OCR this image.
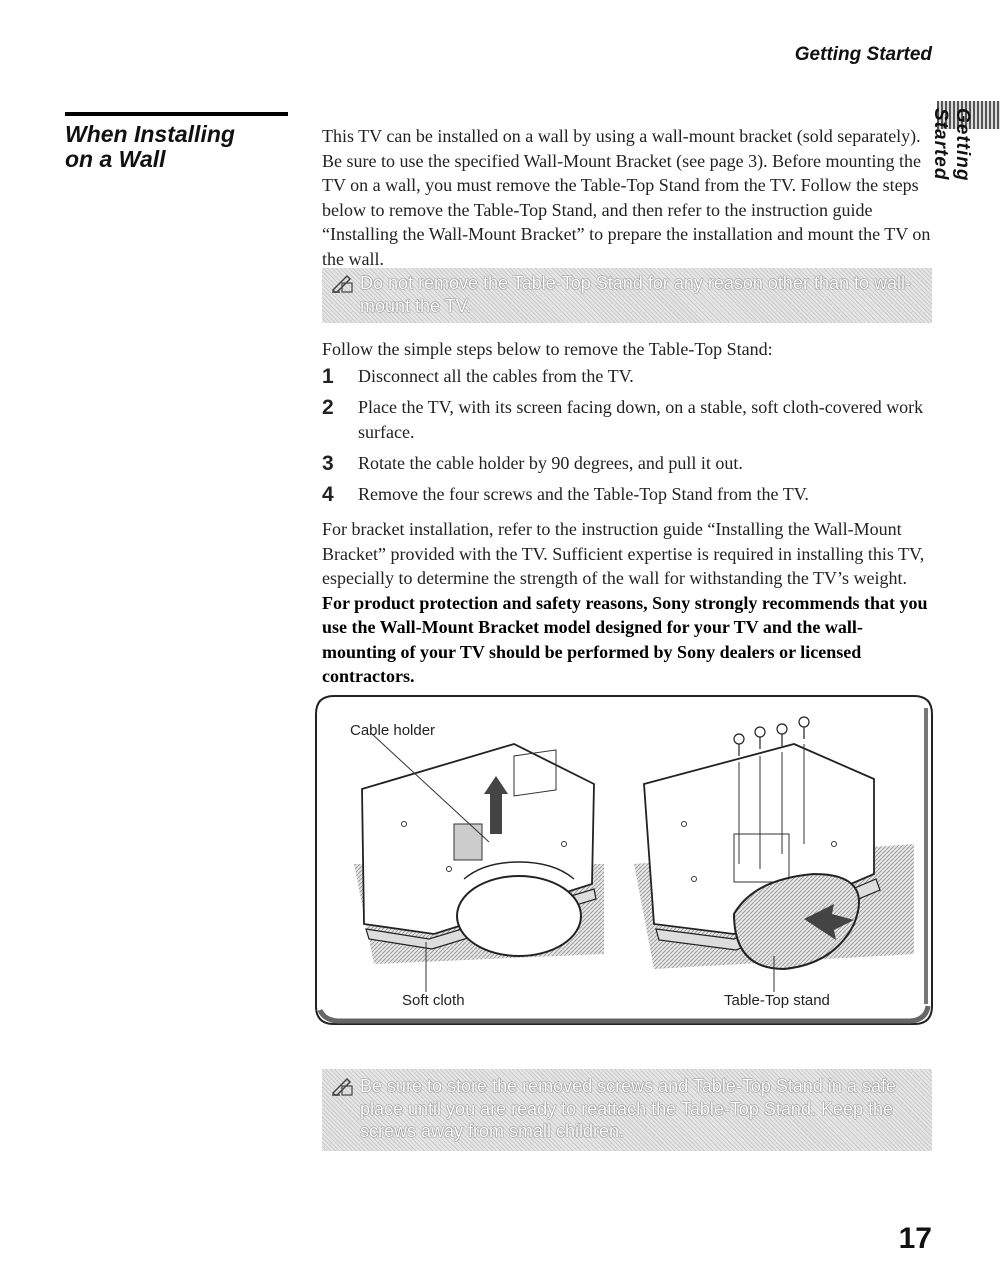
Getting Started
Getting Started
When Installing
on a Wall

This TV can be installed on a wall by using a wall-mount bracket (sold separately). Be sure to use the specified Wall-Mount Bracket (see page 3). Before mounting the TV on a wall, you must remove the Table-Top Stand from the TV. Follow the steps below to remove the Table-Top Stand, and then refer to the instruction guide “Installing the Wall-Mount Bracket” to prepare the installation and mount the TV on the wall.

Do not remove the Table-Top Stand for any reason other than to wall-mount the TV.

Follow the simple steps below to remove the Table-Top Stand:

1	Disconnect all the cables from the TV.
2	Place the TV, with its screen facing down, on a stable, soft cloth-covered work surface.
3	Rotate the cable holder by 90 degrees, and pull it out.
4	Remove the four screws and the Table-Top Stand from the TV.

For bracket installation, refer to the instruction guide “Installing the Wall-Mount Bracket” provided with the TV. Sufficient expertise is required in installing this TV, especially to determine the strength of the wall for withstanding the TV’s weight. For product protection and safety reasons, Sony strongly recommends that you use the Wall-Mount Bracket model designed for your TV and the wall-mounting of your TV should be performed by Sony dealers or licensed contractors.

Cable holder
Soft cloth	Table-Top stand
Be sure to store the removed screws and Table-Top Stand in a safe place until you are ready to reattach the Table-Top Stand. Keep the screws away from small children.
17
